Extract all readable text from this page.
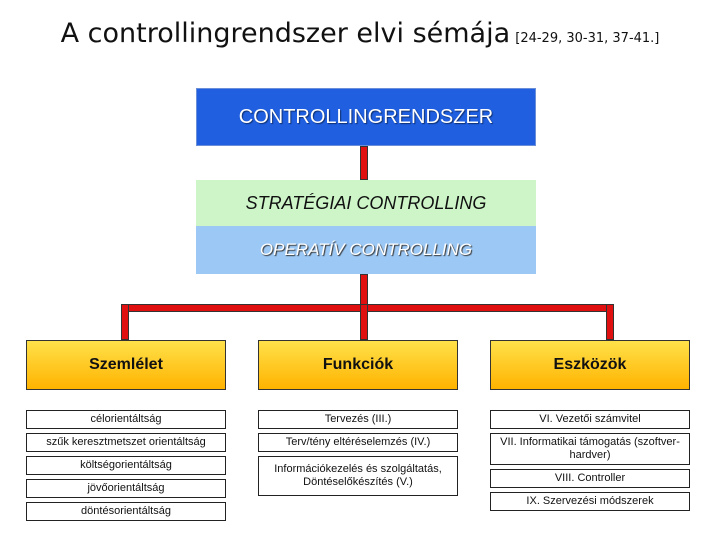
A controllingrendszer elvi sémája [24-29, 30-31, 37-41.]
CONTROLLINGRENDSZER
STRATÉGIAI CONTROLLING
OPERATÍV CONTROLLING
Szemlélet	Funkciók	Eszközök
célorientáltság
szűk keresztmetszet orientáltság
költségorientáltság
jövőorientáltság
döntésorientáltság
Tervezés (III.)
Terv/tény eltéréselemzés (IV.)
Információkezelés és szolgáltatás, Döntéselőkészítés (V.)
VI. Vezetői számvitel
VII. Informatikai támogatás (szoftver-hardver)
VIII. Controller
IX. Szervezési módszerek
